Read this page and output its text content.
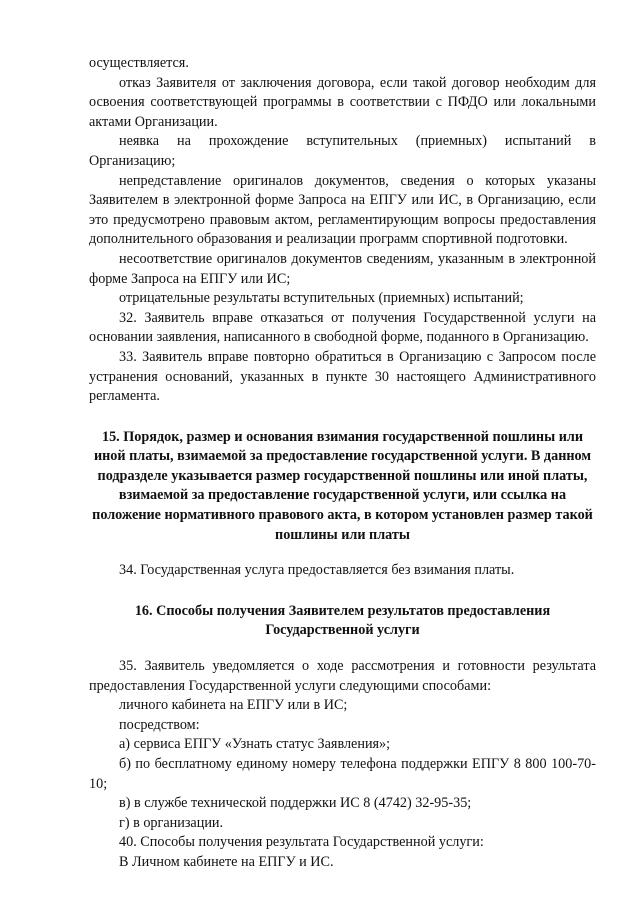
осуществляется.

отказ Заявителя от заключения договора, если такой договор необходим для освоения соответствующей программы в соответствии с ПФДО или локальными актами Организации.

неявка на прохождение вступительных (приемных) испытаний в Организацию;

непредставление оригиналов документов, сведения о которых указаны Заявителем в электронной форме Запроса на ЕПГУ или ИС, в Организацию, если это предусмотрено правовым актом, регламентирующим вопросы предоставления дополнительного образования и реализации программ спортивной подготовки.

несоответствие оригиналов документов сведениям, указанным в электронной форме Запроса на ЕПГУ или ИС;

отрицательные результаты вступительных (приемных) испытаний;

32. Заявитель вправе отказаться от получения Государственной услуги на основании заявления, написанного в свободной форме, поданного в Организацию.

33. Заявитель вправе повторно обратиться в Организацию с Запросом после устранения оснований, указанных в пункте 30 настоящего Административного регламента.

15. Порядок, размер и основания взимания государственной пошлины или иной платы, взимаемой за предоставление государственной услуги. В данном подразделе указывается размер государственной пошлины или иной платы, взимаемой за предоставление государственной услуги, или ссылка на положение нормативного правового акта, в котором установлен размер такой пошлины или платы

34. Государственная услуга предоставляется без взимания платы.

16. Способы получения Заявителем результатов предоставления Государственной услуги

35. Заявитель уведомляется о ходе рассмотрения и готовности результата предоставления Государственной услуги следующими способами:

личного кабинета на ЕПГУ или в ИС;

посредством:

а) сервиса ЕПГУ «Узнать статус Заявления»;

б) по бесплатному единому номеру телефона поддержки ЕПГУ 8 800 100-70-10;

в) в службе технической поддержки ИС 8 (4742) 32-95-35;

г) в организации.

40. Способы получения результата Государственной услуги:

В Личном кабинете на ЕПГУ и ИС.
